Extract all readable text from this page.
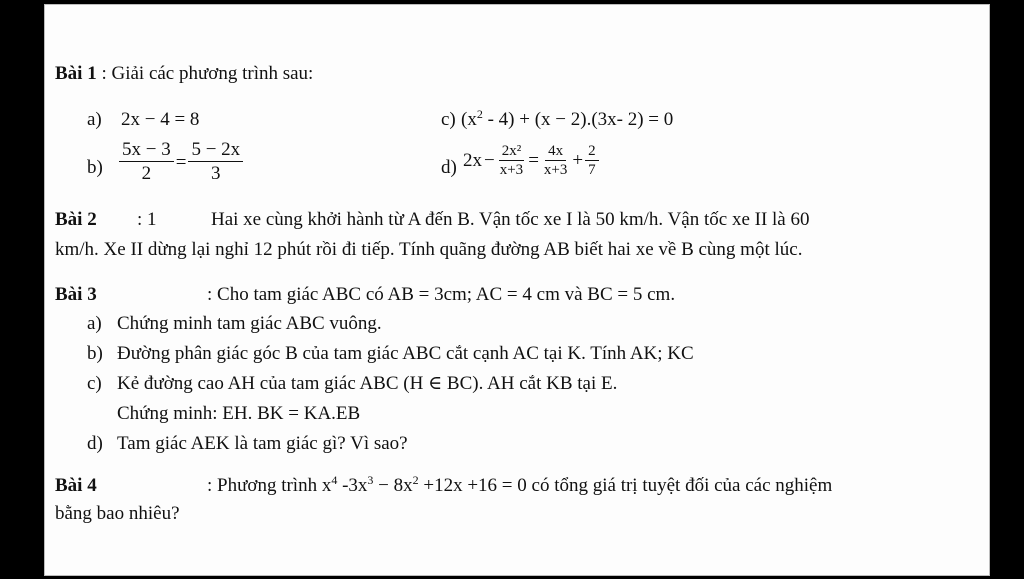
Bài 1 : Giải các phương trình sau:
a) 2x − 4 = 8	c) $(x^2 - 4) + (x - 2).(3x-$ 2) = 0
$b) \frac{5x - 3}{2} = \frac{5 - 2x}{3}$	d) $2x - \frac{\text{2x²}}{x+3} = \frac{4x}{x+3} + \frac{2}{7}$
Bài 2 : 1	Hai xe cùng khởi hành từ A đến B. Vận tốc xe I là 50 km/h. Vận tốc xe II là 60
km/h. Xe II dừng lại nghỉ 12 phút rồi đi tiếp. Tính quãng đường AB biết hai xe về B cùng một lúc.
Bài 3	: Cho tam giác ABC có AB = 3cm; AC = 4 cm và BC = 5 cm.
a) Chứng minh tam giác ABC vuông.
b) Đường phân giác góc B của tam giác ABC cắt cạnh AC tại K. Tính AK; KC
c) Kẻ đường cao AH của tam giác ABC (H ∈ BC). AH cắt KB tại E.
Chứng minh: EH. BK = KA.EB
d) Tam giác AEK là tam giác gì? Vì sao?
Bài 4	: Phương trình $x^4$ $-3x^3 - 8x^2 +12x +16 = 0$ có tổng giá trị tuyệt đối của các nghiệm
bằng bao nhiêu?
